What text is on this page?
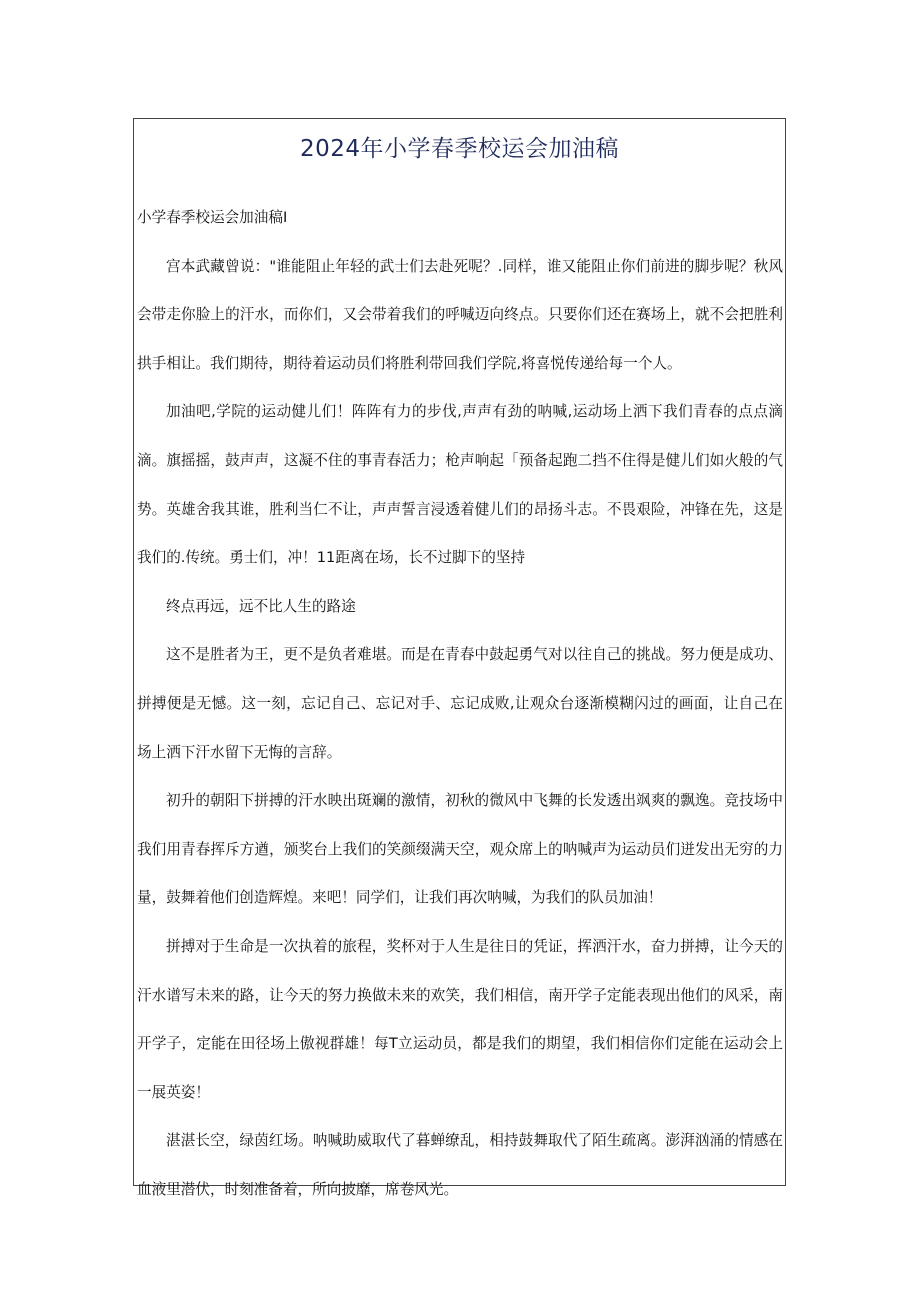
2024年小学春季校运会加油稿

小学春季校运会加油稿I

宫本武藏曾说："谁能阻止年轻的武士们去赴死呢？.同样，谁又能阻止你们前进的脚步呢？秋风会带走你脸上的汗水，而你们，又会带着我们的呼喊迈向终点。只要你们还在赛场上，就不会把胜利拱手相让。我们期待，期待着运动员们将胜利带回我们学院,将喜悦传递给每一个人。

加油吧,学院的运动健儿们！阵阵有力的步伐,声声有劲的呐喊,运动场上洒下我们青春的点点滴滴。旗摇摇，鼓声声，这凝不住的事青春活力；枪声响起「预备起跑二挡不住得是健儿们如火般的气势。英雄舍我其谁，胜利当仁不让，声声誓言浸透着健儿们的昂扬斗志。不畏艰险，冲锋在先，这是我们的.传统。勇士们，冲！11距离在场，长不过脚下的坚持

终点再远，远不比人生的路途

这不是胜者为王，更不是负者难堪。而是在青春中鼓起勇气对以往自己的挑战。努力便是成功、拼搏便是无憾。这一刻，忘记自己、忘记对手、忘记成败,让观众台逐渐模糊闪过的画面，让自己在场上洒下汗水留下无悔的言辞。

初升的朝阳下拼搏的汗水映出斑斓的激情，初秋的微风中飞舞的长发透出飒爽的飘逸。竞技场中我们用青春挥斥方遒，颁奖台上我们的笑颜缀满天空，观众席上的呐喊声为运动员们迸发出无穷的力量，鼓舞着他们创造辉煌。来吧！同学们，让我们再次呐喊，为我们的队员加油！

拼搏对于生命是一次执着的旅程，奖杯对于人生是往日的凭证，挥洒汗水，奋力拼搏，让今天的汗水谱写未来的路，让今天的努力换做未来的欢笑，我们相信，南开学子定能表现出他们的风采，南开学子，定能在田径场上傲视群雄！每T立运动员，都是我们的期望，我们相信你们定能在运动会上一展英姿！

湛湛长空，绿茵红场。呐喊助威取代了暮蝉缭乱，相持鼓舞取代了陌生疏离。澎湃汹涌的情感在血液里潜伏，时刻准备着，所向披靡，席卷风光。
